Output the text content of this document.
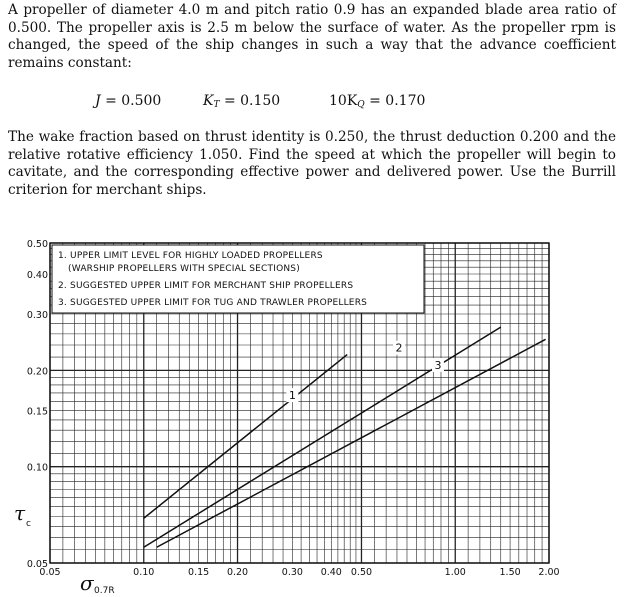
A propeller of diameter 4.0 m and pitch ratio 0.9 has an expanded blade area ratio of 0.500. The propeller axis is 2.5 m below the surface of water. As the propeller rpm is changed, the speed of the ship changes in such a way that the advance coefficient remains constant:

J = 0.500	$K_T = 0.150$	$10K_Q = 0.170$

The wake fraction based on thrust identity is 0.250, the thrust deduction 0.200 and the relative rotative efficiency 1.050. Find the speed at which the propeller will begin to cavitate, and the corresponding effective power and delivered power. Use the Burrill criterion for merchant ships.

1. UPPER LIMIT LEVEL FOR HIGHLY LOADED PROPELLERS
(WARSHIP PROPELLERS WITH SPECIAL SECTIONS)
2. SUGGESTED UPPER LIMIT FOR MERCHANT SHIP PROPELLERS
3. SUGGESTED UPPER LIMIT FOR TUG AND TRAWLER PROPELLERS
1
2
3
0.50
0.40
0.30
0.20
0.15
0.10
0.05
0.05	0.10	0.15 0.20	0.30 0.40 0.50	1.00	1.50 2.00
τ c
σ 0.7R
